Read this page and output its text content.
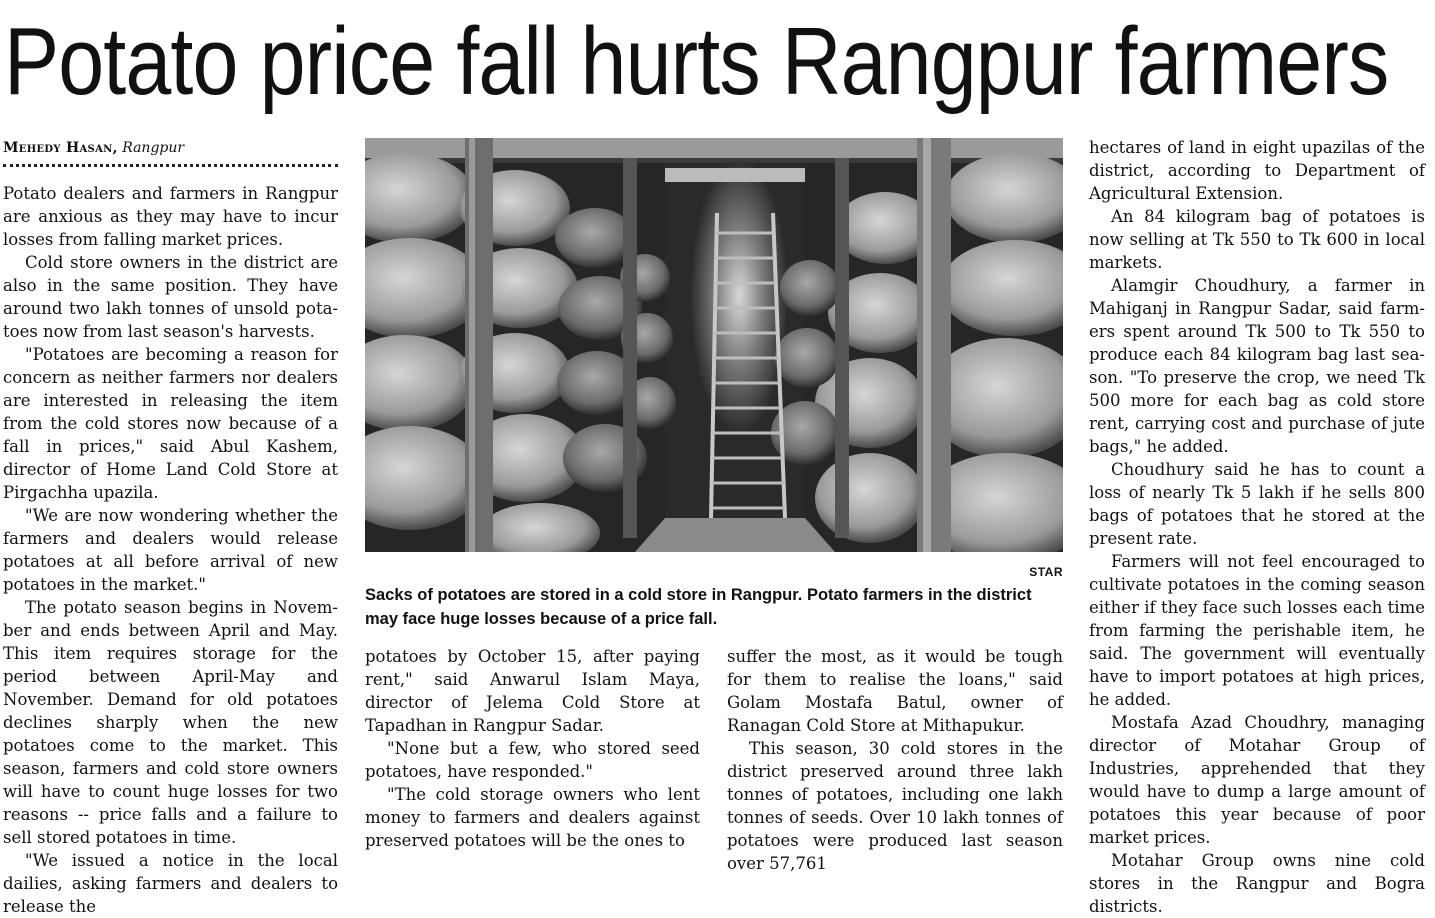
Potato price fall hurts Rangpur farmers
Mehedy Hasan, Rangpur

Potato dealers and farmers in Rangpur are anxious as they may have to incur losses from falling market prices.

Cold store owners in the district are also in the same position. They have around two lakh tonnes of unsold potatoes now from last season's harvests.

"Potatoes are becoming a reason for concern as neither farmers nor dealers are interested in releasing the item from the cold stores now because of a fall in prices," said Abul Kashem, director of Home Land Cold Store at Pirgachha upazila.

"We are now wondering whether the farmers and dealers would release potatoes at all before arrival of new potatoes in the market."

The potato season begins in November and ends between April and May. This item requires storage for the period between April-May and November. Demand for old potatoes declines sharply when the new potatoes come to the market. This season, farmers and cold store owners will have to count huge losses for two reasons -- price falls and a failure to sell stored potatoes in time.

"We issued a notice in the local dailies, asking farmers and dealers to release the

STAR
Sacks of potatoes are stored in a cold store in Rangpur. Potato farmers in the district may face huge losses because of a price fall.

potatoes by October 15, after paying rent," said Anwarul Islam Maya, director of Jelema Cold Store at Tapadhan in Rangpur Sadar.

"None but a few, who stored seed potatoes, have responded."

"The cold storage owners who lent money to farmers and dealers against preserved potatoes will be the ones to

suffer the most, as it would be tough for them to realise the loans," said Golam Mostafa Batul, owner of Ranagan Cold Store at Mithapukur.

This season, 30 cold stores in the district preserved around three lakh tonnes of potatoes, including one lakh tonnes of seeds. Over 10 lakh tonnes of potatoes were produced last season over 57,761

hectares of land in eight upazilas of the district, according to Department of Agricultural Extension.

An 84 kilogram bag of potatoes is now selling at Tk 550 to Tk 600 in local markets.

Alamgir Choudhury, a farmer in Mahiganj in Rangpur Sadar, said farmers spent around Tk 500 to Tk 550 to produce each 84 kilogram bag last season. "To preserve the crop, we need Tk 500 more for each bag as cold store rent, carrying cost and purchase of jute bags," he added.

Choudhury said he has to count a loss of nearly Tk 5 lakh if he sells 800 bags of potatoes that he stored at the present rate.

Farmers will not feel encouraged to cultivate potatoes in the coming season either if they face such losses each time from farming the perishable item, he said. The government will eventually have to import potatoes at high prices, he added.

Mostafa Azad Choudhry, managing director of Motahar Group of Industries, apprehended that they would have to dump a large amount of potatoes this year because of poor market prices.

Motahar Group owns nine cold stores in the Rangpur and Bogra districts.
